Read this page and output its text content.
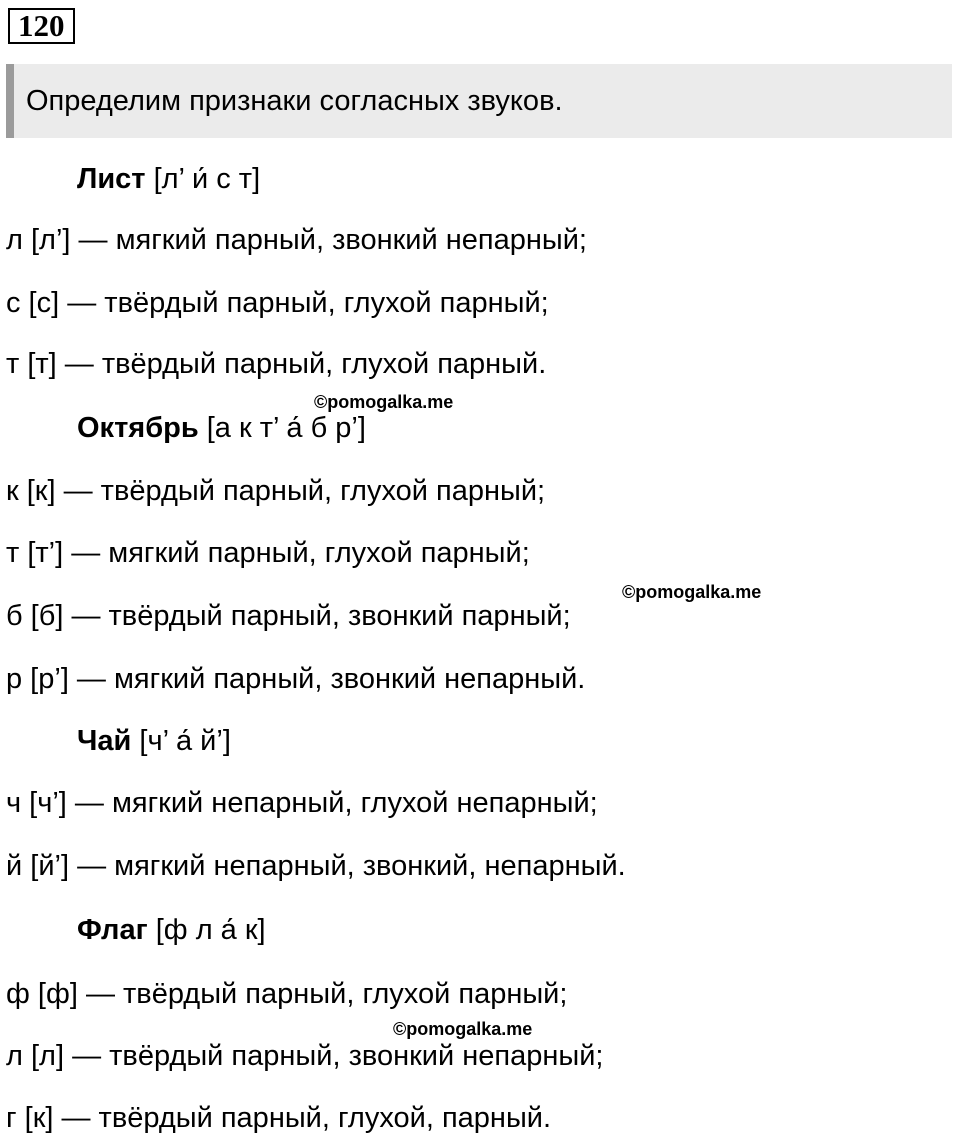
120
Определим признаки согласных звуков.
Лист [л’ и́ с т]
л [л’] — мягкий парный, звонкий непарный;
с [с] — твёрдый парный, глухой парный;
т [т] — твёрдый парный, глухой парный.
©pomogalka.me
Октябрь [а к т’ а́ б р’]
к [к] — твёрдый парный, глухой парный;
т [т’] — мягкий парный, глухой парный;
б [б] — твёрдый парный, звонкий парный;
©pomogalka.me
р [р’] — мягкий парный, звонкий непарный.
Чай [ч’ а́ й’]
ч [ч’] — мягкий непарный, глухой непарный;
й [й’] — мягкий непарный, звонкий, непарный.
Флаг [ф л а́ к]
ф [ф] — твёрдый парный, глухой парный;
©pomogalka.me
л [л] — твёрдый парный, звонкий непарный;
г [к] — твёрдый парный, глухой, парный.
